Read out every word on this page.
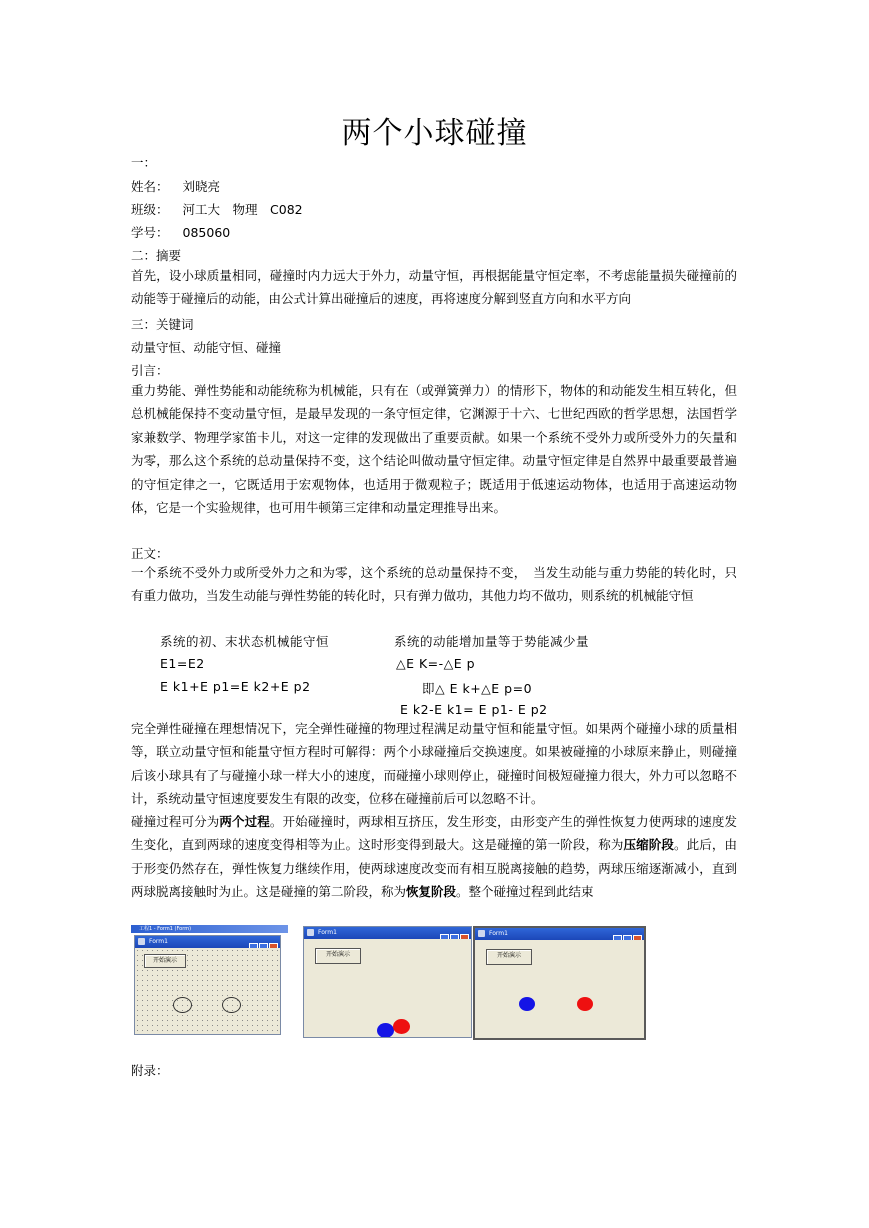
两个小球碰撞
一：
姓名： 刘晓亮
班级： 河工大　物理　C082
学号： 085060
二：摘要
首先，设小球质量相同，碰撞时内力远大于外力，动量守恒，再根据能量守恒定率，不考虑能量损失碰撞前的动能等于碰撞后的动能，由公式计算出碰撞后的速度，再将速度分解到竖直方向和水平方向
三：关键词
动量守恒、动能守恒、碰撞
引言：
重力势能、弹性势能和动能统称为机械能，只有在（或弹簧弹力）的情形下，物体的和动能发生相互转化，但总机械能保持不变动量守恒，是最早发现的一条守恒定律，它渊源于十六、七世纪西欧的哲学思想，法国哲学家兼数学、物理学家笛卡儿，对这一定律的发现做出了重要贡献。如果一个系统不受外力或所受外力的矢量和为零，那么这个系统的总动量保持不变，这个结论叫做动量守恒定律。动量守恒定律是自然界中最重要最普遍的守恒定律之一，它既适用于宏观物体，也适用于微观粒子；既适用于低速运动物体，也适用于高速运动物体，它是一个实验规律，也可用牛顿第三定律和动量定理推导出来。
正文：
一个系统不受外力或所受外力之和为零，这个系统的总动量保持不变，　当发生动能与重力势能的转化时，只有重力做功，当发生动能与弹性势能的转化时，只有弹力做功，其他力均不做功，则系统的机械能守恒
系统的初、末状态机械能守恒	系统的动能增加量等于势能减少量
E1=E2	△E K=-△E p
E k1+E p1=E k2+E p2	即△ E k+△E p=0
E k2-E k1= E p1- E p2
完全弹性碰撞在理想情况下，完全弹性碰撞的物理过程满足动量守恒和能量守恒。如果两个碰撞小球的质量相等，联立动量守恒和能量守恒方程时可解得：两个小球碰撞后交换速度。如果被碰撞的小球原来静止，则碰撞后该小球具有了与碰撞小球一样大小的速度，而碰撞小球则停止，碰撞时间极短碰撞力很大，外力可以忽略不计，系统动量守恒速度要发生有限的改变，位移在碰撞前后可以忽略不计。
碰撞过程可分为两个过程。开始碰撞时，两球相互挤压，发生形变，由形变产生的弹性恢复力使两球的速度发生变化，直到两球的速度变得相等为止。这时形变得到最大。这是碰撞的第一阶段，称为压缩阶段。此后，由于形变仍然存在，弹性恢复力继续作用，使两球速度改变而有相互脱离接触的趋势，两球压缩逐渐减小，直到两球脱离接触时为止。这是碰撞的第二阶段，称为恢复阶段。整个碰撞过程到此结束
工程1 - Form1 (Form)
Form1
开始演示
Form1
开始演示
Form1
开始演示
附录：
